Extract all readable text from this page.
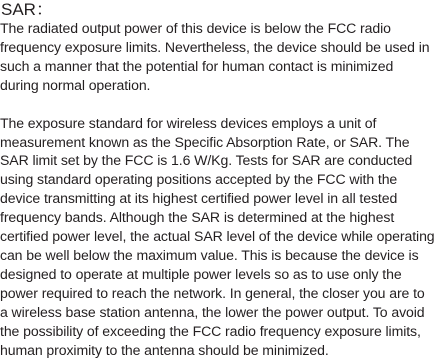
SAR：

The radiated output power of this device is below the FCC radio frequency exposure limits. Nevertheless, the device should be used in such a manner that the potential for human contact is minimized during normal operation.

The exposure standard for wireless devices employs a unit of measurement known as the Specific Absorption Rate, or SAR. The SAR limit set by the FCC is 1.6 W/Kg. Tests for SAR are conducted using standard operating positions accepted by the FCC with the device transmitting at its highest certified power level in all tested frequency bands. Although the SAR is determined at the highest certified power level, the actual SAR level of the device while operating can be well below the maximum value. This is because the device is designed to operate at multiple power levels so as to use only the power required to reach the network. In general, the closer you are to a wireless base station antenna, the lower the power output. To avoid the possibility of exceeding the FCC radio frequency exposure limits, human proximity to the antenna should be minimized.
